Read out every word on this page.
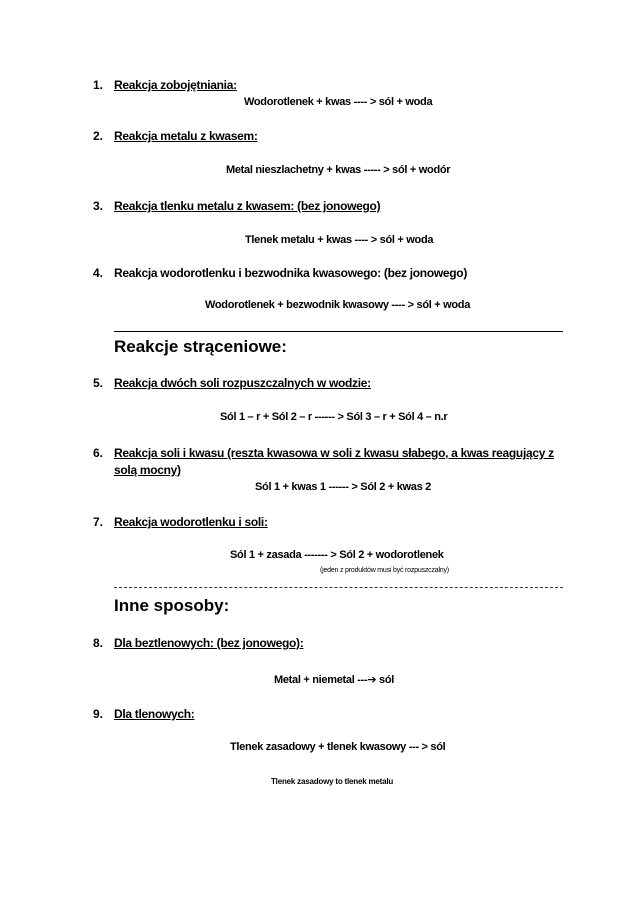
1. Reakcja zobojętniania:
Wodorotlenek + kwas ---- > sól + woda
2. Reakcja metalu z kwasem:
Metal nieszlachetny + kwas ----- > sól + wodór
3. Reakcja tlenku metalu z kwasem: (bez jonowego)
Tlenek metalu + kwas ---- > sól + woda
4. Reakcja wodorotlenku i bezwodnika kwasowego: (bez jonowego)
Wodorotlenek + bezwodnik kwasowy ---- > sól + woda
Reakcje strąceniowe:
5. Reakcja dwóch soli rozpuszczalnych w wodzie:
Sól 1 – r + Sól 2 – r ------ > Sól 3 – r + Sól 4 – n.r
6. Reakcja soli i kwasu (reszta kwasowa w soli z kwasu słabego, a kwas reagujący z
solą mocny)
Sól 1 + kwas 1 ------ > Sól 2 + kwas 2
7. Reakcja wodorotlenku i soli:
Sól 1 + zasada ------- > Sól 2 + wodorotlenek
(jeden z produktów musi być rozpuszczalny)
Inne sposoby:
8. Dla beztlenowych: (bez jonowego):
Metal + niemetal ---➔ sól
9. Dla tlenowych:
Tlenek zasadowy + tlenek kwasowy --- > sól
Tlenek zasadowy to tlenek metalu
